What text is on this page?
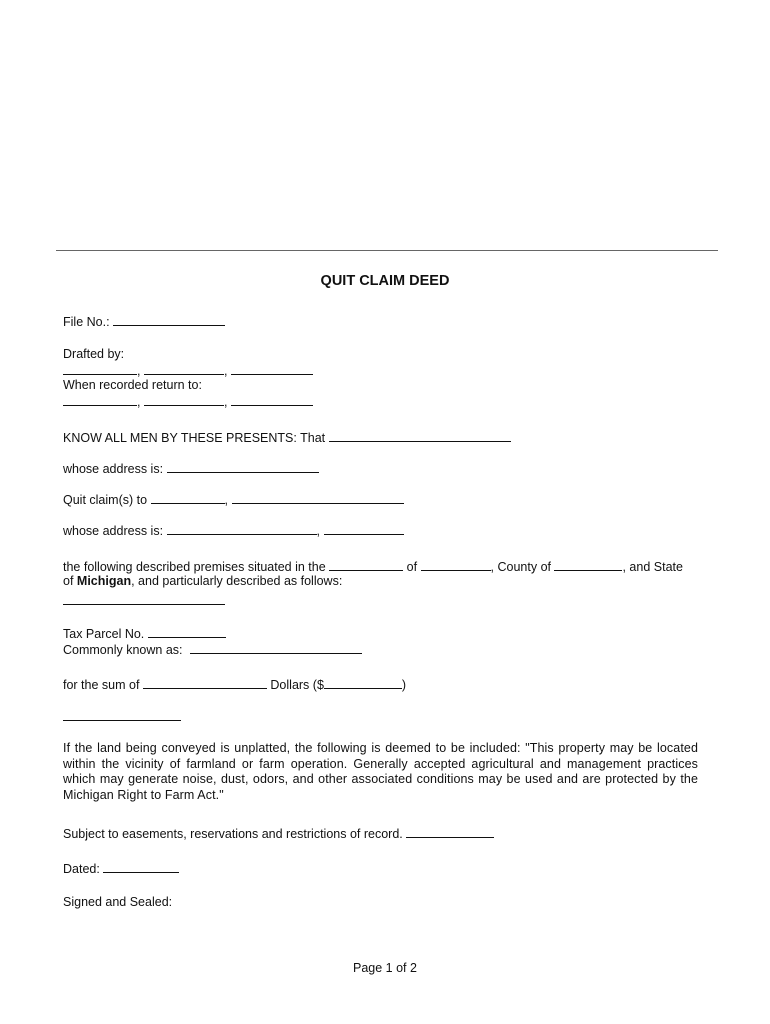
QUIT CLAIM DEED
File No.:
Drafted by:
,	,
When recorded return to:
,	,
KNOW ALL MEN BY THESE PRESENTS: That
whose address is:
Quit claim(s) to	,
whose address is:	,
the following described premises situated in the	of	, County of	, and State
of Michigan, and particularly described as follows:
Tax Parcel No.
Commonly known as:
for the sum of	Dollars ($	)
If the land being conveyed is unplatted, the following is deemed to be included: "This property may be located within the vicinity of farmland or farm operation. Generally accepted agricultural and management practices which may generate noise, dust, odors, and other associated conditions may be used and are protected by the Michigan Right to Farm Act."
Subject to easements, reservations and restrictions of record.
Dated:
Signed and Sealed:
Page 1 of 2
